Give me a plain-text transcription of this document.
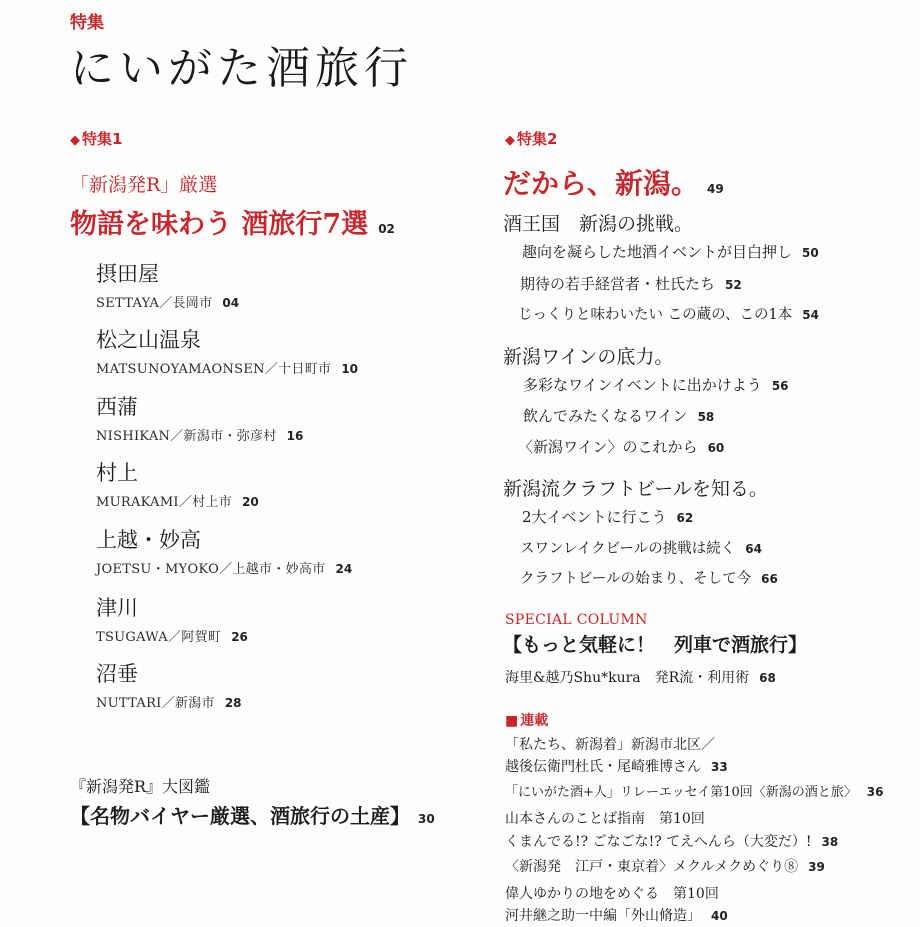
特集
にいがた酒旅行
◆ 特集1
「新潟発R」厳選
物語を味わう 酒旅行7選 02
摂田屋
SETTAYA／長岡市 04
松之山温泉
MATSUNOYAMAONSEN／十日町市 10
西蒲
NISHIKAN／新潟市・弥彦村 16
村上
MURAKAMI／村上市 20
上越・妙高
JOETSU・MYOKO／上越市・妙高市 24
津川
TSUGAWA／阿賀町 26
沼垂
NUTTARI／新潟市 28
『新潟発R』大図鑑
【名物バイヤー厳選、酒旅行の土産】 30
◆ 特集2
だから、新潟。 49
酒王国　新潟の挑戦。
趣向を凝らした地酒イベントが目白押し 50
期待の若手経営者・杜氏たち 52
じっくりと味わいたい この蔵の、この1本 54
新潟ワインの底力。
多彩なワインイベントに出かけよう 56
飲んでみたくなるワイン 58
〈新潟ワイン〉のこれから 60
新潟流クラフトビールを知る。
2大イベントに行こう 62
スワンレイクビールの挑戦は続く 64
クラフトビールの始まり、そして今 66
SPECIAL COLUMN
【もっと気軽に！　列車で酒旅行】
海里&越乃Shu*kura　発R流・利用術 68
■ 連載
「私たち、新潟着」新潟市北区／
越後伝衛門杜氏・尾崎雅博さん 33
「にいがた酒+人」リレーエッセイ第10回〈新潟の酒と旅〉 36
山本さんのことば指南　第10回
くまんでる!? ごなごな!? てえへんら（大変だ）! 38
〈新潟発　江戸・東京着〉メクルメクめぐり⑧ 39
偉人ゆかりの地をめぐる　第10回
河井継之助一中編「外山脩造」 40
